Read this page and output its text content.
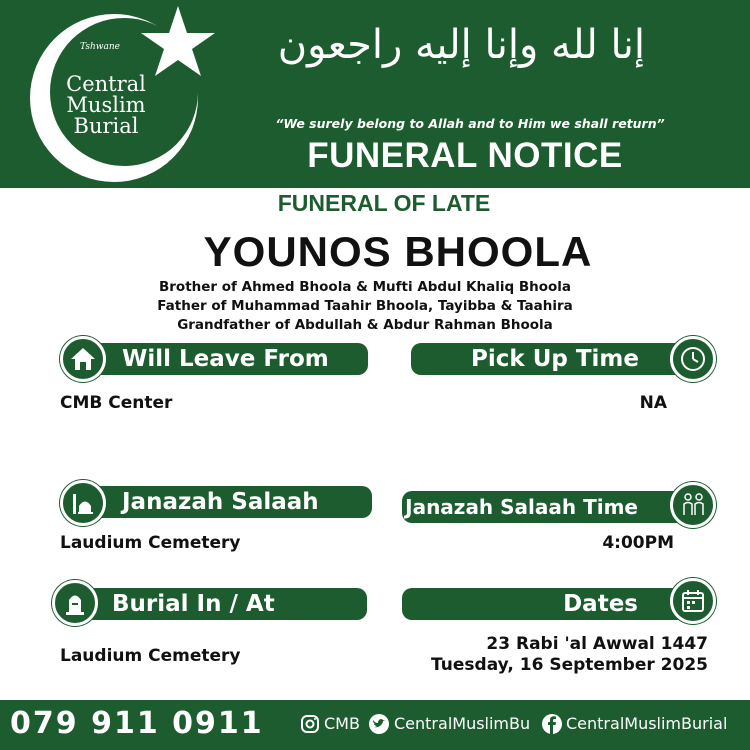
Tshwane
Central
Muslim
Burial
إنا لله وإنا إليه راجعون
“We surely belong to Allah and to Him we shall return”
FUNERAL NOTICE
FUNERAL OF LATE
YOUNOS BHOOLA
Brother of Ahmed Bhoola & Mufti Abdul Khaliq Bhoola
Father of Muhammad Taahir Bhoola, Tayibba & Taahira
Grandfather of Abdullah & Abdur Rahman Bhoola
Will Leave From
CMB Center
Pick Up Time
NA
Janazah Salaah
Laudium Cemetery
Janazah Salaah Time
4:00PM
Burial In / At
Laudium Cemetery
Dates
23 Rabi 'al Awwal 1447
Tuesday, 16 September 2025
079 911 0911	CMB CentralMuslimBu CentralMuslimBurial
